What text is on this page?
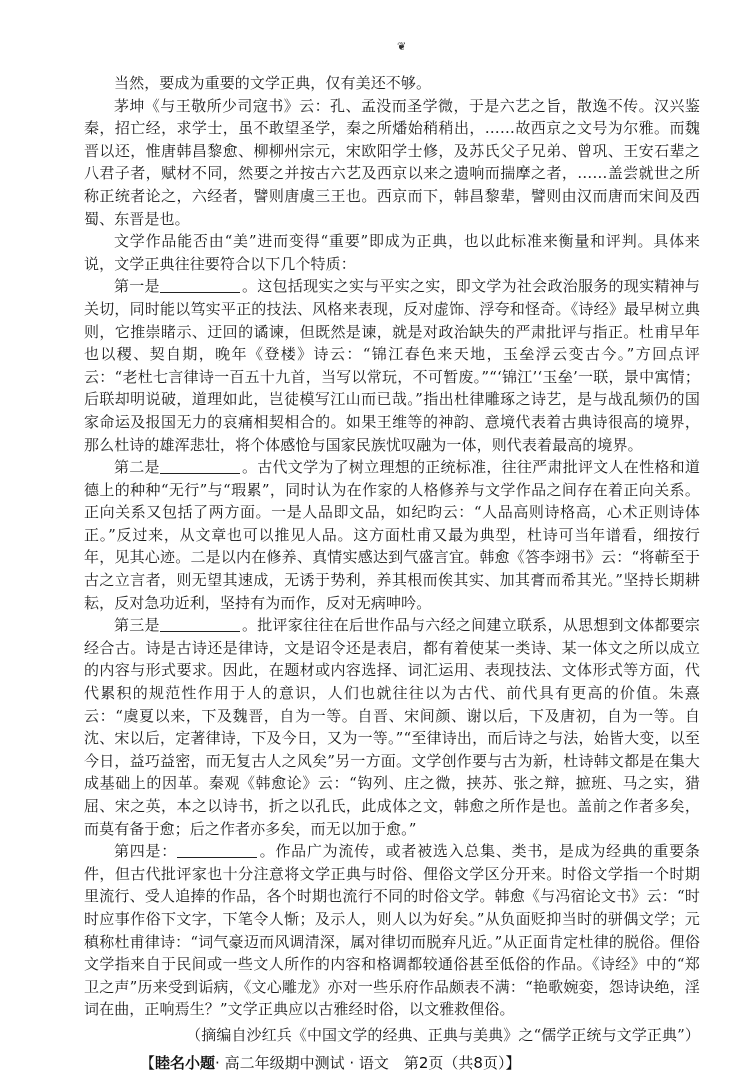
❦

当然，要成为重要的文学正典，仅有美还不够。

茅坤《与王敬所少司寇书》云：孔、孟没而圣学微，于是六艺之旨，散逸不传。汉兴鉴秦，招亡经，求学士，虽不敢望圣学，秦之所燔始稍稍出，……故西京之文号为尔雅。而魏晋以还，惟唐韩昌黎愈、柳柳州宗元，宋欧阳学士修，及苏氏父子兄弟、曾巩、王安石辈之八君子者，赋材不同，然要之并按古六艺及西京以来之遗响而揣摩之者，……盖尝就世之所称正统者论之，六经者，譬则唐虞三王也。西京而下，韩昌黎辈，譬则由汉而唐而宋间及西蜀、东晋是也。

文学作品能否由“美”进而变得“重要”即成为正典，也以此标准来衡量和评判。具体来说，文学正典往往要符合以下几个特质：

第一是	。这包括现实之实与平实之实，即文学为社会政治服务的现实精神与关切，同时能以笃实平正的技法、风格来表现，反对虚饰、浮夸和怪奇。《诗经》最早树立典则，它推崇睹示、迂回的谲谏，但既然是谏，就是对政治缺失的严肃批评与指正。杜甫早年也以稷、契自期，晚年《登楼》诗云：“锦江春色来天地，玉垒浮云变古今。”方回点评云：“老杜七言律诗一百五十九首，当写以常玩，不可暂废。”“‘锦江’‘玉垒’一联，景中寓情；后联却明说破，道理如此，岂徒模写江山而已哉。”指出杜律雕琢之诗艺，是与战乱频仍的国家命运及报国无力的哀痛相契相合的。如果王维等的神韵、意境代表着古典诗很高的境界，那么杜诗的雄浑悲壮，将个体感怆与国家民族忧叹融为一体，则代表着最高的境界。

第二是	。古代文学为了树立理想的正统标准，往往严肃批评文人在性格和道德上的种种“无行”与“瑕累”，同时认为在作家的人格修养与文学作品之间存在着正向关系。正向关系又包括了两方面。一是人品即文品，如纪昀云：“人品高则诗格高，心术正则诗体正。”反过来，从文章也可以推见人品。这方面杜甫又最为典型，杜诗可当年谱看，细按行年，见其心迹。二是以内在修养、真情实感达到气盛言宜。韩愈《答李翊书》云：“将蕲至于古之立言者，则无望其速成，无诱于势利，养其根而俟其实、加其膏而希其光。”坚持长期耕耘，反对急功近利，坚持有为而作，反对无病呻吟。

第三是	。批评家往往在后世作品与六经之间建立联系，从思想到文体都要宗经合古。诗是古诗还是律诗，文是诏令还是表启，都有着使某一类诗、某一体文之所以成立的内容与形式要求。因此，在题材或内容选择、词汇运用、表现技法、文体形式等方面，代代累积的规范性作用于人的意识，人们也就往往以为古代、前代具有更高的价值。朱熹云：“虞夏以来，下及魏晋，自为一等。自晋、宋间颜、谢以后，下及唐初，自为一等。自沈、宋以后，定著律诗，下及今日，又为一等。”“至律诗出，而后诗之与法，始皆大变，以至今日，益巧益密，而无复古人之风矣”另一方面。文学创作要与古为新，杜诗韩文都是在集大成基础上的因革。秦观《韩愈论》云：“钩列、庄之微，挟苏、张之辩，摭班、马之实，猎屈、宋之英，本之以诗书，折之以孔氏，此成体之文，韩愈之所作是也。盖前之作者多矣，而莫有备于愈；后之作者亦多矣，而无以加于愈。”

第四是：	。作品广为流传，或者被选入总集、类书，是成为经典的重要条件，但古代批评家也十分注意将文学正典与时俗、俚俗文学区分开来。时俗文学指一个时期里流行、受人追捧的作品，各个时期也流行不同的时俗文学。韩愈《与冯宿论文书》云：“时时应事作俗下文字，下笔令人惭；及示人，则人以为好矣。”从负面贬抑当时的骈偶文学；元稹称杜甫律诗：“词气豪迈而风调清深，属对律切而脱弃凡近。”从正面肯定杜律的脱俗。俚俗文学指来自于民间或一些文人所作的内容和格调都较通俗甚至低俗的作品。《诗经》中的“郑卫之声”历来受到诟病，《文心雕龙》亦对一些乐府作品颇表不满：“艳歌婉娈，怨诗诀绝，淫词在曲，正响焉生？”文学正典应以古雅经时俗，以文雅救俚俗。

（摘编自沙红兵《中国文学的经典、正典与美典》之“儒学正统与文学正典”）

【睦名小题· 高二年级期中测试 · 语文　第2页（共8页）】
